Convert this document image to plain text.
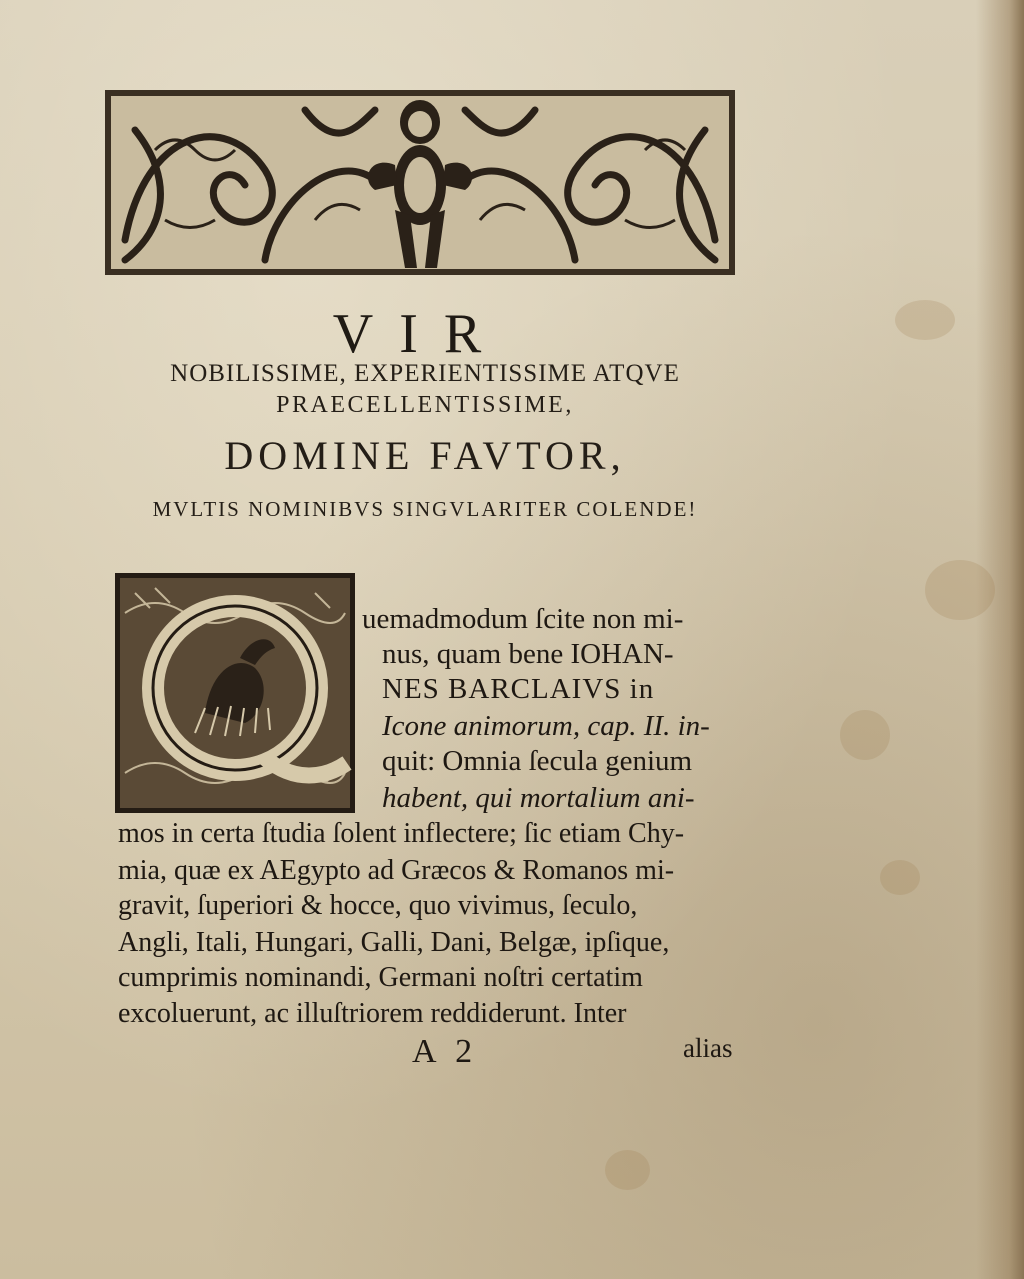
VIR
NOBILISSIME, EXPERIENTISSIME ATQVE
PRAECELLENTISSIME,
DOMINE FAVTOR,
MVLTIS NOMINIBVS SINGVLARITER COLENDE!
uemadmodum ſcite non mi-
nus, quam bene IOHAN-
NES BARCLAIVS in
Icone animorum, cap. II. in-
quit: Omnia ſecula genium
habent, qui mortalium ani-
mos in certa ſtudia ſolent inflectere; ſic etiam Chy-
mia, quæ ex AEgypto ad Græcos & Romanos mi-
gravit, ſuperiori & hocce, quo vivimus, ſeculo,
Angli, Itali, Hungari, Galli, Dani, Belgæ, ipſique,
cumprimis nominandi, Germani noſtri certatim
excoluerunt, ac illuſtriorem reddiderunt. Inter
A 2	alias
